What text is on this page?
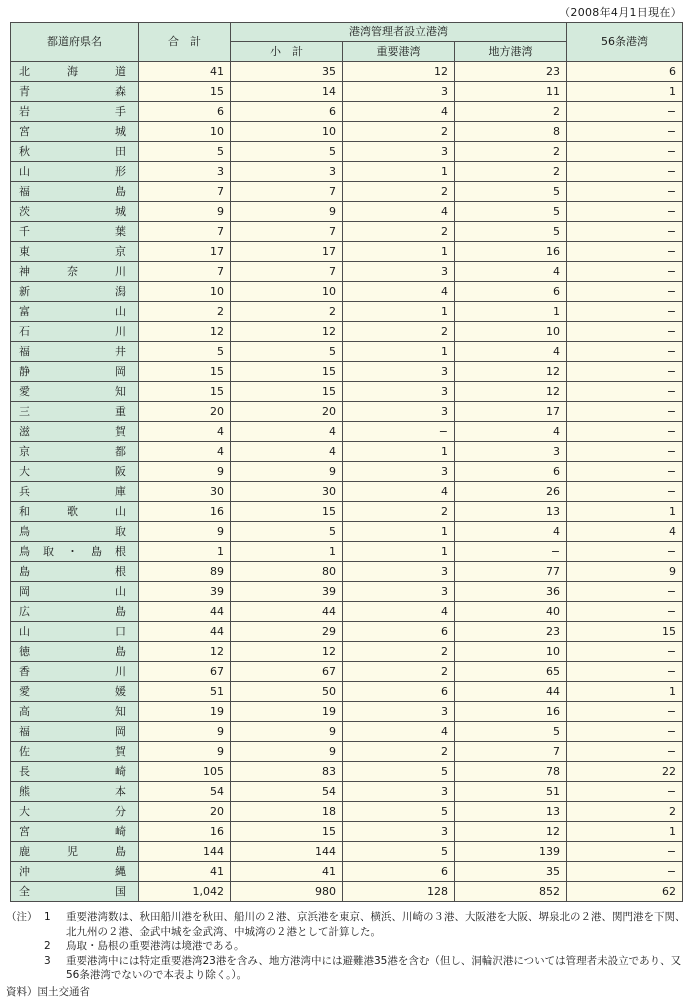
（2008年4月1日現在）
都道府県名	合　計	港湾管理者設立港湾			56条港湾
		小　計	重要港湾	地方港湾	
北海道	41	35	12	23	6
青森	15	14	3	11	1
岩手	6	6	4	2	−
宮城	10	10	2	8	−
秋田	5	5	3	2	−
山形	3	3	1	2	−
福島	7	7	2	5	−
茨城	9	9	4	5	−
千葉	7	7	2	5	−
東京	17	17	1	16	−
神奈川	7	7	3	4	−
新潟	10	10	4	6	−
富山	2	2	1	1	−
石川	12	12	2	10	−
福井	5	5	1	4	−
静岡	15	15	3	12	−
愛知	15	15	3	12	−
三重	20	20	3	17	−
滋賀	4	4	−	4	−
京都	4	4	1	3	−
大阪	9	9	3	6	−
兵庫	30	30	4	26	−
和歌山	16	15	2	13	1
鳥取	9	5	1	4	4
鳥取・島根	1	1	1	−	−
島根	89	80	3	77	9
岡山	39	39	3	36	−
広島	44	44	4	40	−
山口	44	29	6	23	15
徳島	12	12	2	10	−
香川	67	67	2	65	−
愛媛	51	50	6	44	1
高知	19	19	3	16	−
福岡	9	9	4	5	−
佐賀	9	9	2	7	−
長崎	105	83	5	78	22
熊本	54	54	3	51	−
大分	20	18	5	13	2
宮崎	16	15	3	12	1
鹿児島	144	144	5	139	−
沖縄	41	41	6	35	−
全国	1,042	980	128	852	62
（注） 1	重要港湾数は、秋田船川港を秋田、船川の２港、京浜港を東京、横浜、川崎の３港、大阪港を大阪、堺泉北の２港、関門港を下関、北九州の２港、金武中城を金武湾、中城湾の２港として計算した。
2	鳥取・島根の重要港湾は境港である。
3	重要港湾中には特定重要港湾23港を含み、地方港湾中には避難港35港を含む（但し、洞輪沢港については管理者未設立であり、又56条港湾でないので本表より除く。）。
資料）国土交通省
